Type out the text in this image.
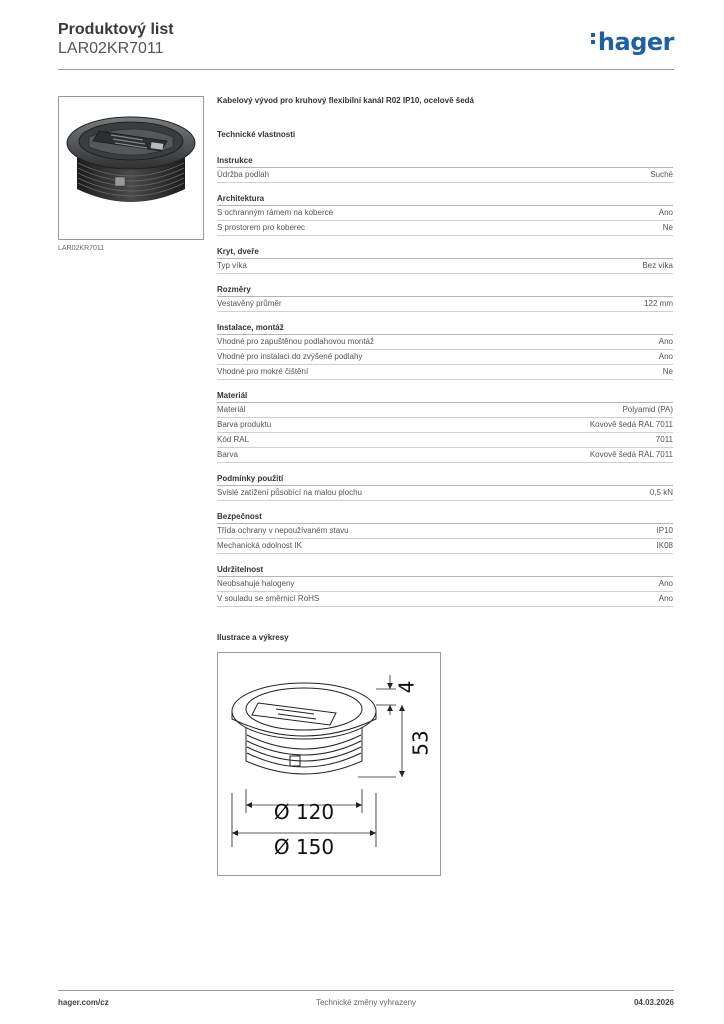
Produktový list
LAR02KR7011	hager
LAR02KR7011
Kabelový vývod pro kruhový flexibilní kanál R02 IP10, ocelově šedá
Technické vlastnosti
Instrukce
Údržba podlah	Suché
Architektura
S ochranným rámem na koberce	Ano
S prostorem pro koberec	Ne
Kryt, dveře
Typ víka	Bez víka
Rozměry
Vestavěný průměr	122 mm
Instalace, montáž
Vhodné pro zapuštěnou podlahovou montáž	Ano
Vhodné pro instalaci do zvýšené podlahy	Ano
Vhodné pro mokré čištění	Ne
Materiál
Materiál	Polyamid (PA)
Barva produktu	Kovově šedá RAL 7011
Kód RAL	7011
Barva	Kovově šedá RAL 7011
Podmínky použití
Svislé zatížení působící na malou plochu	0,5 kN
Bezpečnost
Třída ochrany v nepoužívaném stavu	IP10
Mechanická odolnost IK	IK08
Udržitelnost
Neobsahuje halogeny	Ano
V souladu se směrnicí RoHS	Ano
Ilustrace a výkresy
4
53
Ø 120
Ø 150
hager.com/cz	Technické změny vyhrazeny	04.03.2026
